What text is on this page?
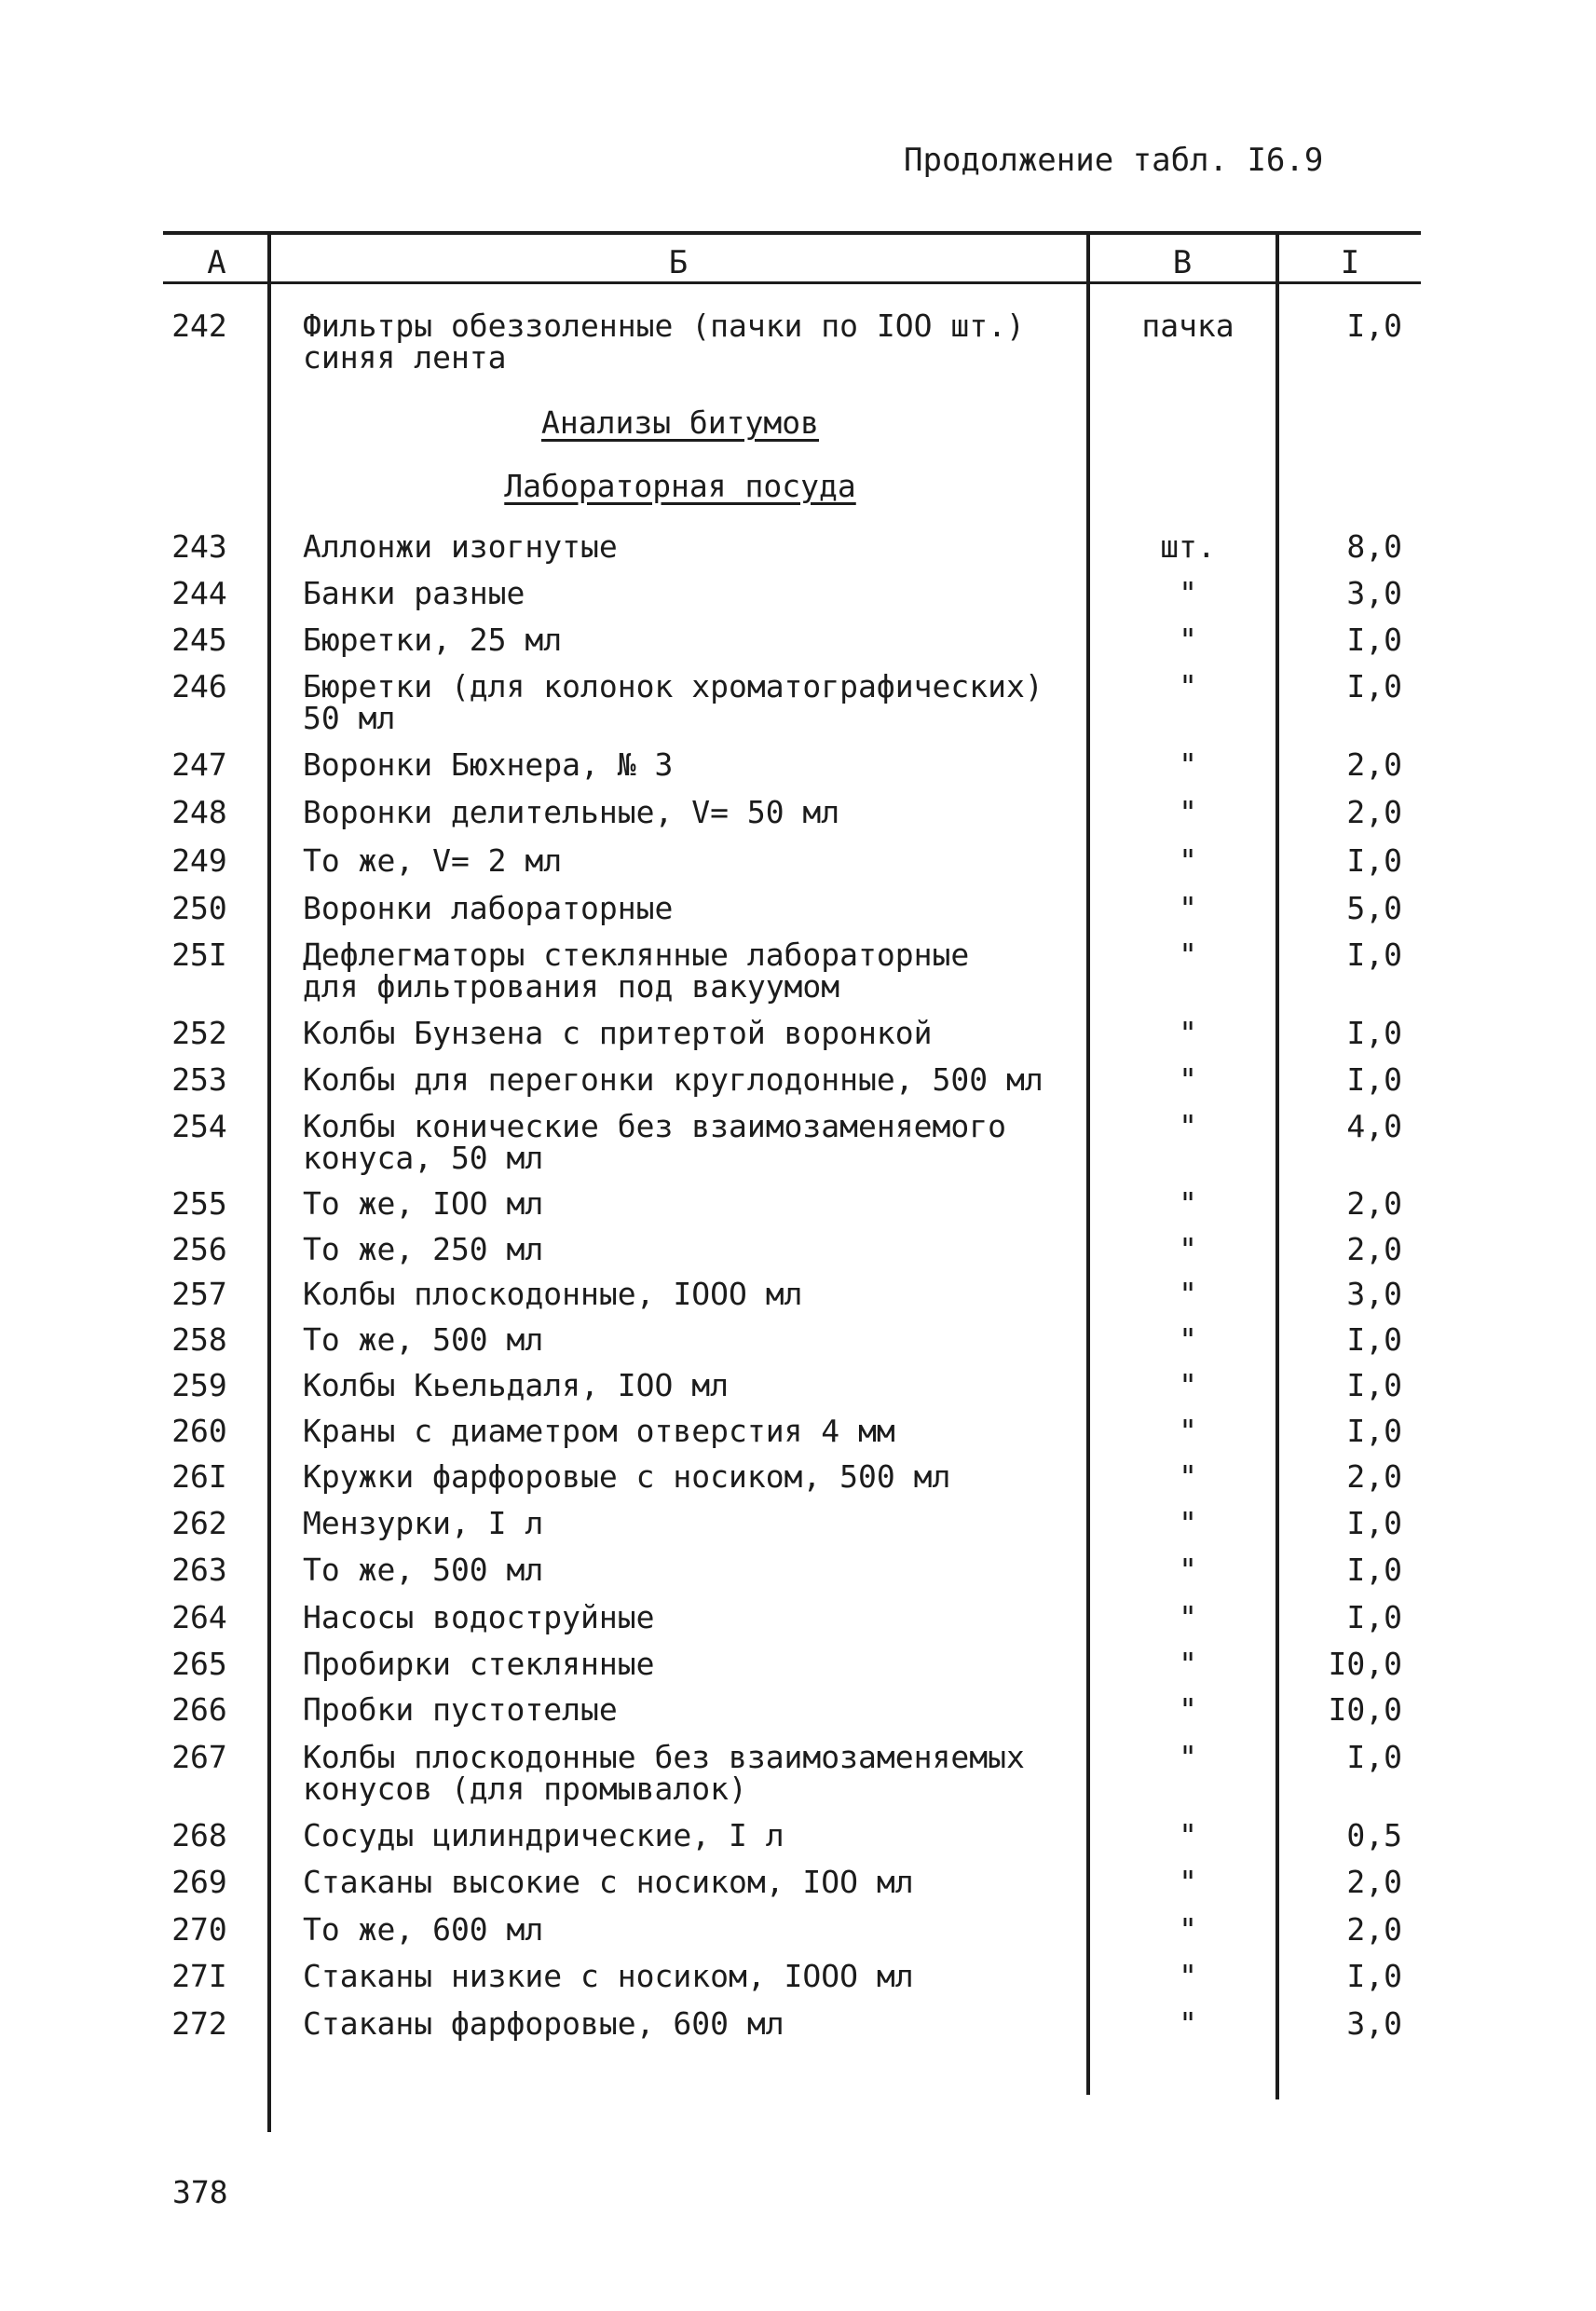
Продолжение табл. I6.9
А	Б	В	I
242	Фильтры обеззоленные (пачки по IOO шт.)
синяя лента
пачка	I,0
Анализы битумов
Лабораторная посуда
243	Аллонжи изогнутые	шт.	8,0
244	Банки разные	"	3,0
245	Бюретки, 25 мл	"	I,0
246	Бюретки (для колонок хроматографических)
50 мл
"	I,0
247	Воронки Бюхнера, № 3	"	2,0
248	Воронки делительные, V= 50 мл	"	2,0
249	То же, V= 2 мл	"	I,0
250	Воронки лабораторные	"	5,0
25I	Дефлегматоры стеклянные лабораторные
для фильтрования под вакуумом
"	I,0
252	Колбы Бунзена с притертой воронкой	"	I,0
253	Колбы для перегонки круглодонные, 500 мл	"	I,0
254	Колбы конические без взаимозаменяемого
конуса, 50 мл
"	4,0
255	То же, IOO мл	"	2,0
256	То же, 250 мл	"	2,0
257	Колбы плоскодонные, IOOO мл	"	3,0
258	То же, 500 мл	"	I,0
259	Колбы Кьельдаля, IOO мл	"	I,0
260	Краны с диаметром отверстия 4 мм	"	I,0
26I	Кружки фарфоровые с носиком, 500 мл	"	2,0
262	Мензурки, I л	"	I,0
263	То же, 500 мл	"	I,0
264	Насосы водоструйные	"	I,0
265	Пробирки стеклянные	"	I0,0
266	Пробки пустотелые	"	I0,0
267	Колбы плоскодонные без взаимозаменяемых
конусов (для промывалок)
"	I,0
268	Сосуды цилиндрические, I л	"	0,5
269	Стаканы высокие с носиком, IOO мл	"	2,0
270	То же, 600 мл	"	2,0
27I	Стаканы низкие с носиком, IOOO мл	"	I,0
272	Стаканы фарфоровые, 600 мл	"	3,0
378
